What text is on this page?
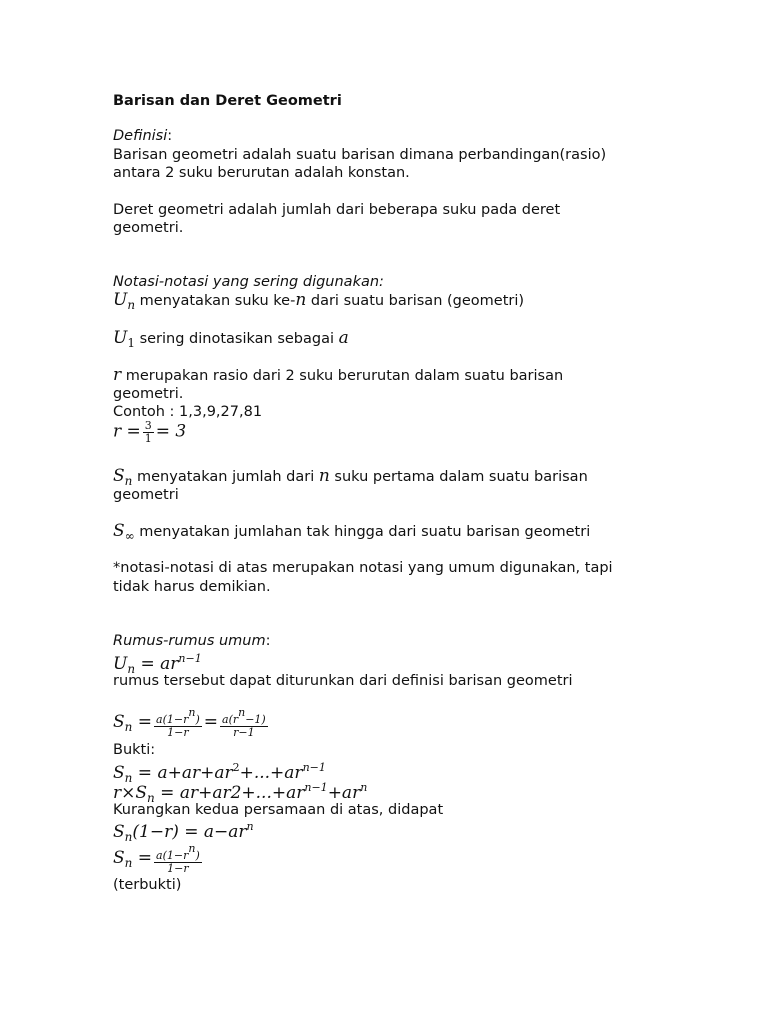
Barisan dan Deret Geometri
Definisi:
Barisan geometri adalah suatu barisan dimana perbandingan(rasio)
antara 2 suku berurutan adalah konstan.
Deret geometri adalah jumlah dari beberapa suku pada deret
geometri.
Notasi-notasi yang sering digunakan:
$U_n$ menyatakan suku ke-n dari suatu barisan (geometri)
$U_1$ sering dinotasikan sebagai a
r merupakan rasio dari 2 suku berurutan dalam suatu barisan
geometri.
Contoh : 1,3,9,27,81
$r = \frac{3}{1} = 3$
$S_n$ menyatakan jumlah dari n suku pertama dalam suatu barisan
geometri
$S_\infty$ menyatakan jumlahan tak hingga dari suatu barisan geometri
*notasi-notasi di atas merupakan notasi yang umum digunakan, tapi
tidak harus demikian.
Rumus-rumus umum:
$U_n = ar^{n-1}$
rumus tersebut dapat diturunkan dari definisi barisan geometri
$S_n = \frac{a(1-rn)}{1-r} = \frac{a(rn-1)}{r-1}$
Bukti:
$S_n = a+ar+ar^2+...+ar^{n-1}$
$r\times S_n = ar+ar2+...+ar^{n-1}+ar^n$
Kurangkan kedua persamaan di atas, didapat
$S_n(1-r) = a-ar^n$
$S_n = \frac{a(1-rn)}{1-r}$
(terbukti)
